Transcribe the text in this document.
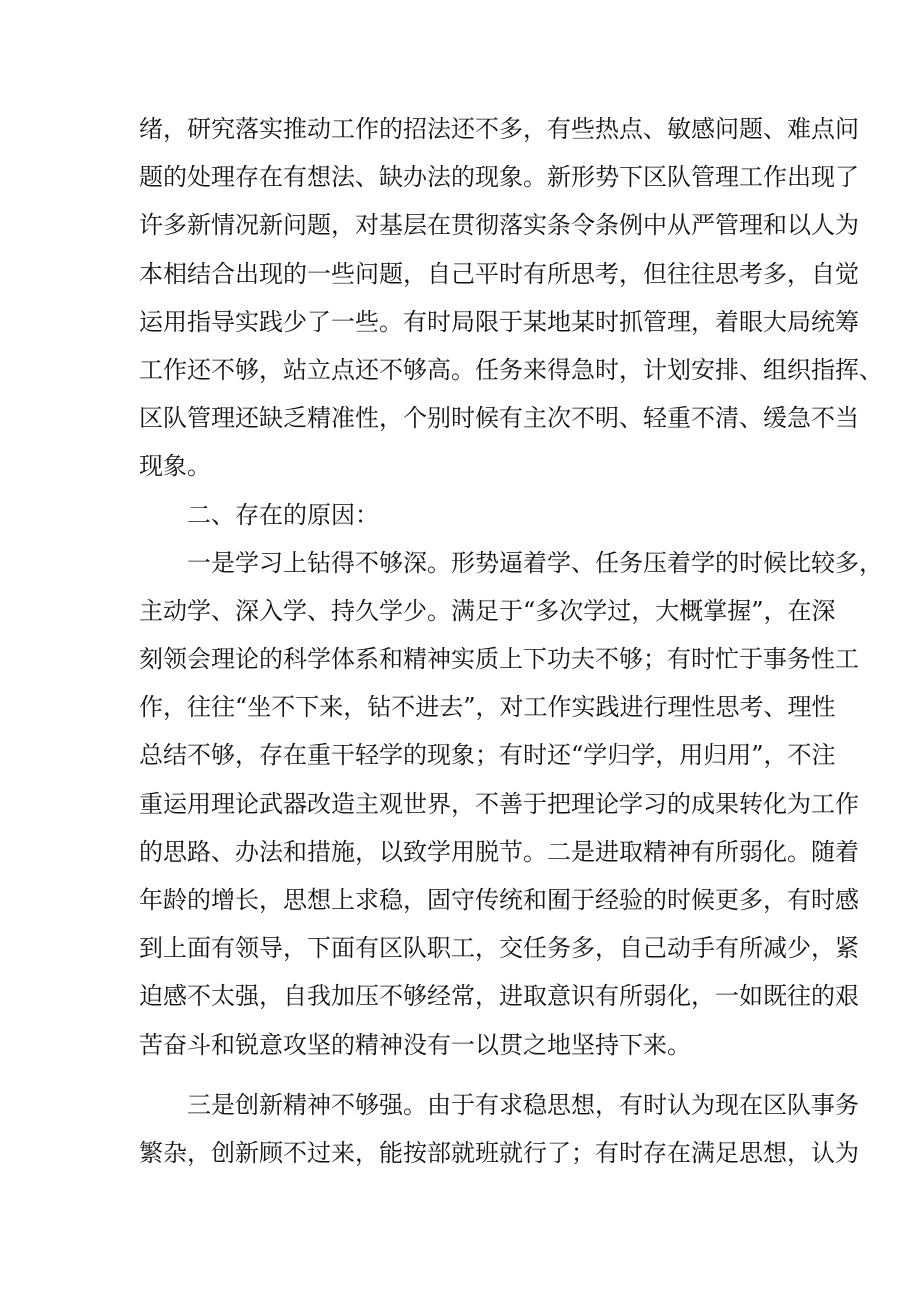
绪，研究落实推动工作的招法还不多，有些热点、敏感问题、难点问
题的处理存在有想法、缺办法的现象。新形势下区队管理工作出现了
许多新情况新问题，对基层在贯彻落实条令条例中从严管理和以人为
本相结合出现的一些问题，自己平时有所思考，但往往思考多，自觉
运用指导实践少了一些。有时局限于某地某时抓管理，着眼大局统筹
工作还不够，站立点还不够高。任务来得急时，计划安排、组织指挥、
区队管理还缺乏精准性，个别时候有主次不明、轻重不清、缓急不当
现象。
二、存在的原因：
一是学习上钻得不够深。形势逼着学、任务压着学的时候比较多，
主动学、深入学、持久学少。满足于“多次学过，大概掌握”，在深
刻领会理论的科学体系和精神实质上下功夫不够；有时忙于事务性工
作，往往“坐不下来，钻不进去”，对工作实践进行理性思考、理性
总结不够，存在重干轻学的现象；有时还“学归学，用归用”，不注
重运用理论武器改造主观世界，不善于把理论学习的成果转化为工作
的思路、办法和措施，以致学用脱节。二是进取精神有所弱化。随着
年龄的增长，思想上求稳，固守传统和囿于经验的时候更多，有时感
到上面有领导，下面有区队职工，交任务多，自己动手有所减少，紧
迫感不太强，自我加压不够经常，进取意识有所弱化，一如既往的艰
苦奋斗和锐意攻坚的精神没有一以贯之地坚持下来。
三是创新精神不够强。由于有求稳思想，有时认为现在区队事务
繁杂，创新顾不过来，能按部就班就行了；有时存在满足思想，认为
